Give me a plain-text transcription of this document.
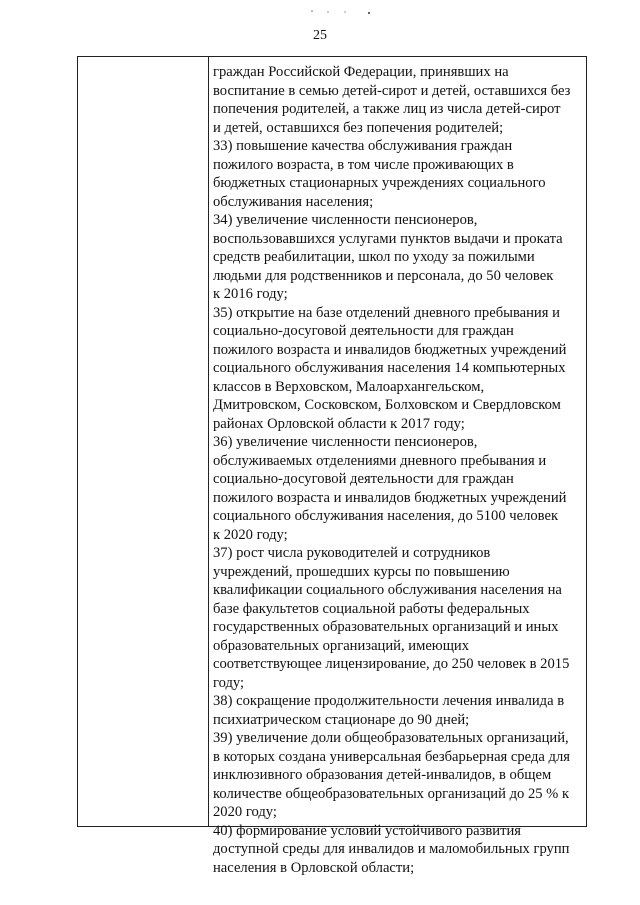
25
граждан Российской Федерации, принявших на
воспитание в семью детей-сирот и детей, оставшихся без
попечения родителей, а также лиц из числа детей-сирот
и детей, оставшихся без попечения родителей;
33) повышение качества обслуживания граждан
пожилого возраста, в том числе проживающих в
бюджетных стационарных учреждениях социального
обслуживания населения;
34) увеличение численности пенсионеров,
воспользовавшихся услугами пунктов выдачи и проката
средств реабилитации, школ по уходу за пожилыми
людьми для родственников и персонала, до 50 человек
к 2016 году;
35) открытие на базе отделений дневного пребывания и
социально-досуговой деятельности для граждан
пожилого возраста и инвалидов бюджетных учреждений
социального обслуживания населения 14 компьютерных
классов в Верховском, Малоархангельском,
Дмитровском, Сосковском, Болховском и Свердловском
районах Орловской области к 2017 году;
36) увеличение численности пенсионеров,
обслуживаемых отделениями дневного пребывания и
социально-досуговой деятельности для граждан
пожилого возраста и инвалидов бюджетных учреждений
социального обслуживания населения, до 5100 человек
к 2020 году;
37) рост числа руководителей и сотрудников
учреждений, прошедших курсы по повышению
квалификации социального обслуживания населения на
базе факультетов социальной работы федеральных
государственных образовательных организаций и иных
образовательных организаций, имеющих
соответствующее лицензирование, до 250 человек в 2015
году;
38) сокращение продолжительности лечения инвалида в
психиатрическом стационаре до 90 дней;
39) увеличение доли общеобразовательных организаций,
в которых создана универсальная безбарьерная среда для
инклюзивного образования детей-инвалидов, в общем
количестве общеобразовательных организаций до 25 % к
2020 году;
40) формирование условий устойчивого развития
доступной среды для инвалидов и маломобильных групп
населения в Орловской области;
